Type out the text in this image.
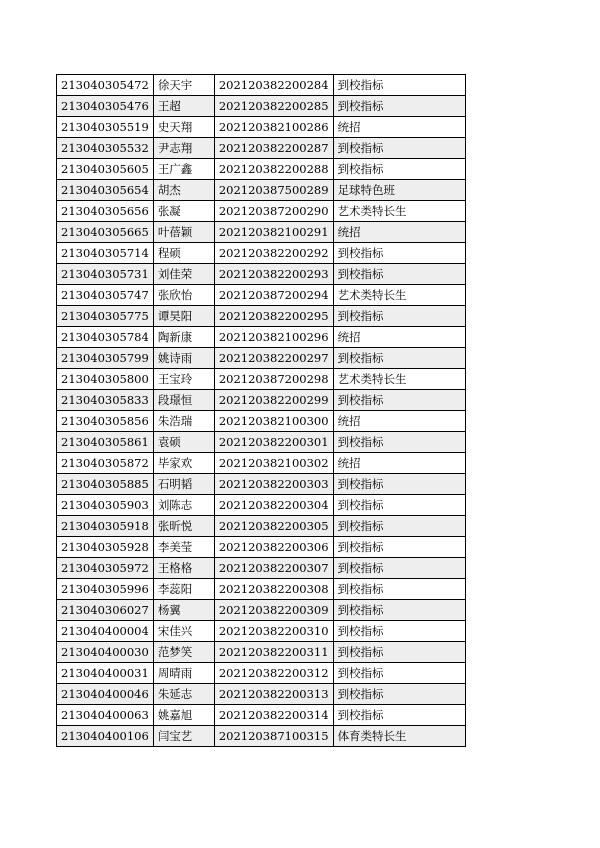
213040305472	徐天宇	202120382200284	到校指标
213040305476	王超	202120382200285	到校指标
213040305519	史天翔	202120382100286	统招
213040305532	尹志翔	202120382200287	到校指标
213040305605	王广鑫	202120382200288	到校指标
213040305654	胡杰	202120387500289	足球特色班
213040305656	张凝	202120387200290	艺术类特长生
213040305665	叶蓓颖	202120382100291	统招
213040305714	程硕	202120382200292	到校指标
213040305731	刘佳荣	202120382200293	到校指标
213040305747	张欣怡	202120387200294	艺术类特长生
213040305775	谭昊阳	202120382200295	到校指标
213040305784	陶新康	202120382100296	统招
213040305799	姚诗雨	202120382200297	到校指标
213040305800	王宝玲	202120387200298	艺术类特长生
213040305833	段璟恒	202120382200299	到校指标
213040305856	朱浩瑞	202120382100300	统招
213040305861	袁硕	202120382200301	到校指标
213040305872	毕家欢	202120382100302	统招
213040305885	石明韬	202120382200303	到校指标
213040305903	刘陈志	202120382200304	到校指标
213040305918	张昕悦	202120382200305	到校指标
213040305928	李美莹	202120382200306	到校指标
213040305972	王格格	202120382200307	到校指标
213040305996	李蕊阳	202120382200308	到校指标
213040306027	杨翼	202120382200309	到校指标
213040400004	宋佳兴	202120382200310	到校指标
213040400030	范梦笑	202120382200311	到校指标
213040400031	周晴雨	202120382200312	到校指标
213040400046	朱延志	202120382200313	到校指标
213040400063	姚嘉旭	202120382200314	到校指标
213040400106	闫宝艺	202120387100315	体育类特长生
